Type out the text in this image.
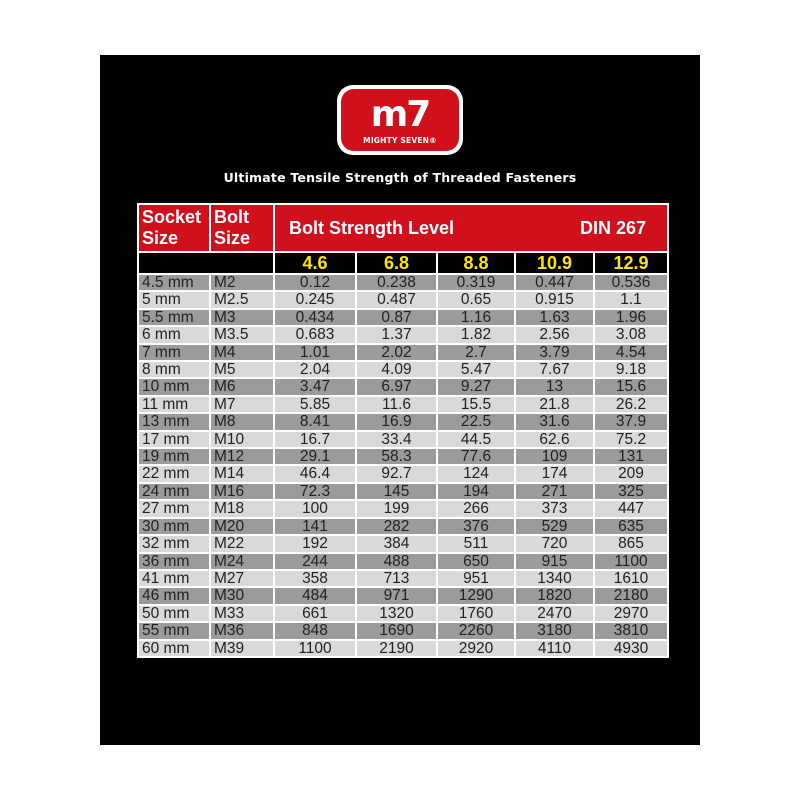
m7
MIGHTY SEVEN®
Ultimate Tensile Strength of Threaded Fasteners
Socket Size	Bolt Size	Bolt Strength Level DIN 267				

		4.6	6.8	8.8	10.9	12.9
4.5 mm	M2	0.12	0.238	0.319	0.447	0.536
5 mm	M2.5	0.245	0.487	0.65	0.915	1.1
5.5 mm	M3	0.434	0.87	1.16	1.63	1.96
6 mm	M3.5	0.683	1.37	1.82	2.56	3.08
7 mm	M4	1.01	2.02	2.7	3.79	4.54
8 mm	M5	2.04	4.09	5.47	7.67	9.18
10 mm	M6	3.47	6.97	9.27	13	15.6
11 mm	M7	5.85	11.6	15.5	21.8	26.2
13 mm	M8	8.41	16.9	22.5	31.6	37.9
17 mm	M10	16.7	33.4	44.5	62.6	75.2
19 mm	M12	29.1	58.3	77.6	109	131
22 mm	M14	46.4	92.7	124	174	209
24 mm	M16	72.3	145	194	271	325
27 mm	M18	100	199	266	373	447
30 mm	M20	141	282	376	529	635
32 mm	M22	192	384	511	720	865
36 mm	M24	244	488	650	915	1100
41 mm	M27	358	713	951	1340	1610
46 mm	M30	484	971	1290	1820	2180
50 mm	M33	661	1320	1760	2470	2970
55 mm	M36	848	1690	2260	3180	3810
60 mm	M39	1100	2190	2920	4110	4930
